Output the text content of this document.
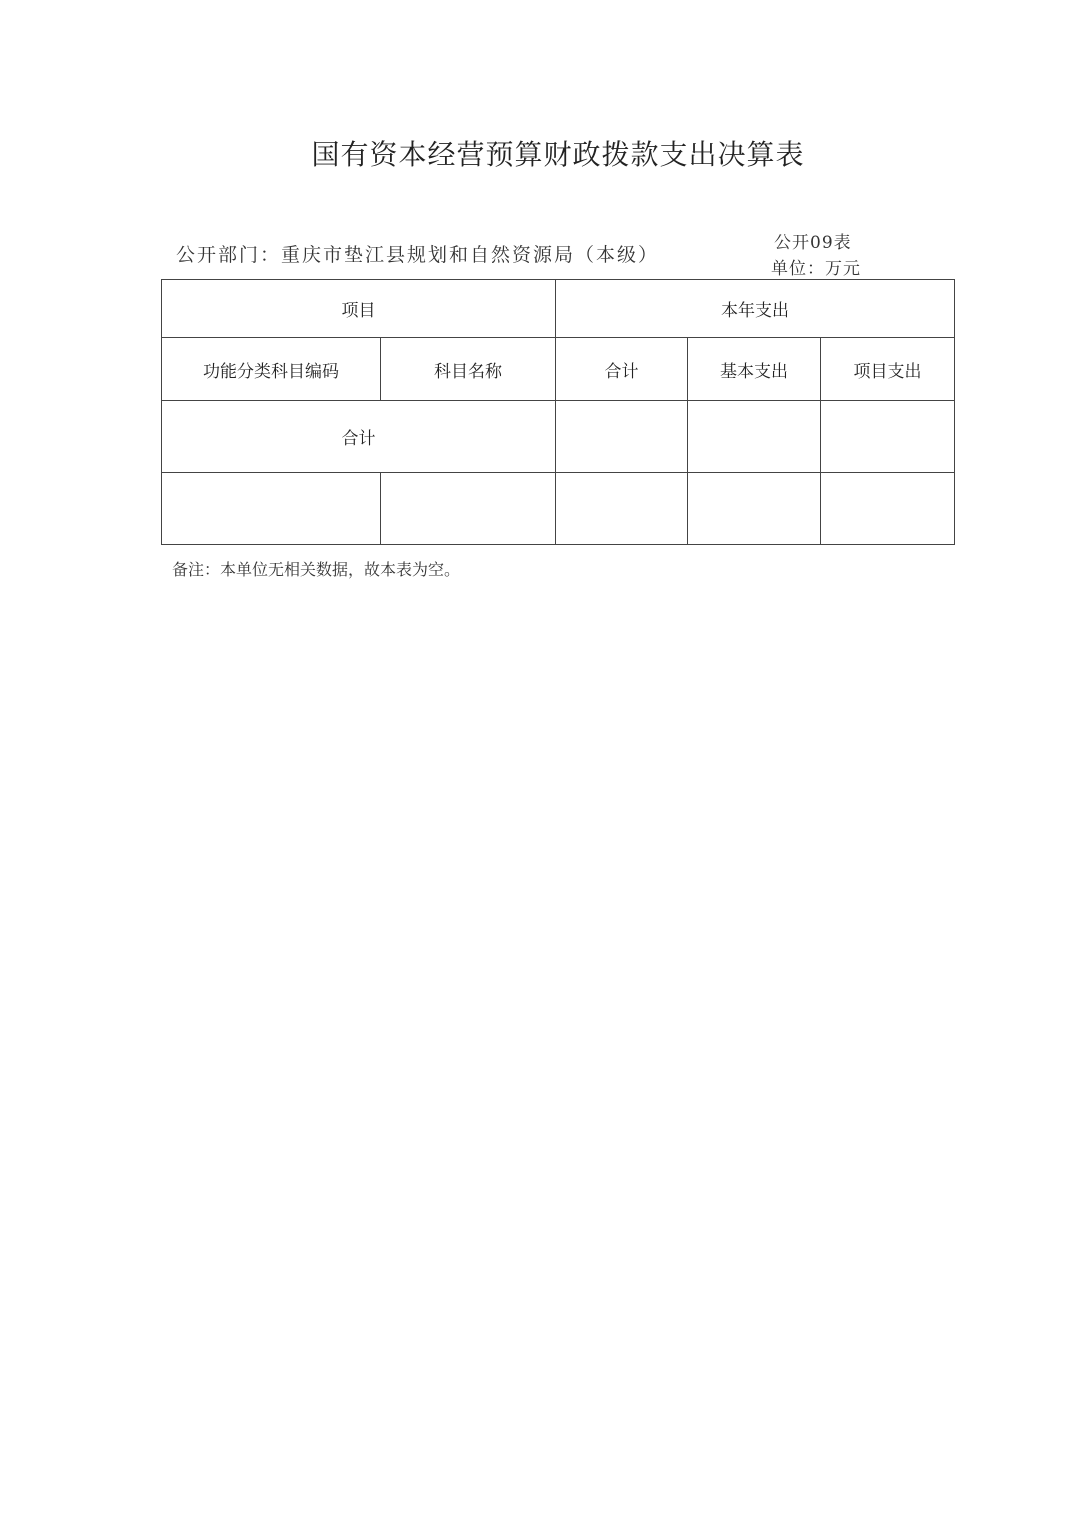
国有资本经营预算财政拨款支出决算表
公开部门：重庆市垫江县规划和自然资源局（本级）
公开09表
单位：万元
项目		本年支出		
功能分类科目编码	科目名称	合计	基本支出	项目支出
合计				

备注：本单位无相关数据，故本表为空。
